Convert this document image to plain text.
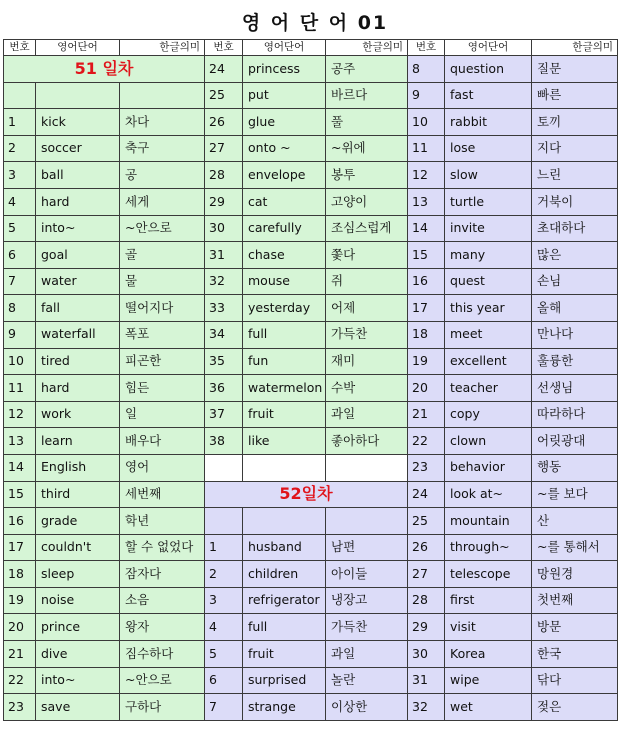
영 어 단 어 01
번호	영어단어	한글의미	번호	영어단어	한글의미	번호	영어단어	한글의미
51 일차			24	princess	공주	8	question	질문
			25	put	바르다	9	fast	빠른
1	kick	차다	26	glue	풀	10	rabbit	토끼
2	soccer	축구	27	onto ~	~위에	11	lose	지다
3	ball	공	28	envelope	봉투	12	slow	느린
4	hard	세게	29	cat	고양이	13	turtle	거북이
5	into~	~안으로	30	carefully	조심스럽게	14	invite	초대하다
6	goal	골	31	chase	쫓다	15	many	많은
7	water	물	32	mouse	쥐	16	quest	손님
8	fall	떨어지다	33	yesterday	어제	17	this year	올해
9	waterfall	폭포	34	full	가득찬	18	meet	만나다
10	tired	피곤한	35	fun	재미	19	excellent	훌륭한
11	hard	힘든	36	watermelon	수박	20	teacher	선생님
12	work	일	37	fruit	과일	21	copy	따라하다
13	learn	배우다	38	like	좋아하다	22	clown	어릿광대
14	English	영어				23	behavior	행동
15	third	세번째	52일차			24	look at~	~를 보다
16	grade	학년				25	mountain	산
17	couldn't	할 수 없었다	1	husband	남편	26	through~	~를 통해서
18	sleep	잠자다	2	children	아이들	27	telescope	망원경
19	noise	소음	3	refrigerator	냉장고	28	first	첫번째
20	prince	왕자	4	full	가득찬	29	visit	방문
21	dive	짐수하다	5	fruit	과일	30	Korea	한국
22	into~	~안으로	6	surprised	놀란	31	wipe	닦다
23	save	구하다	7	strange	이상한	32	wet	젖은
